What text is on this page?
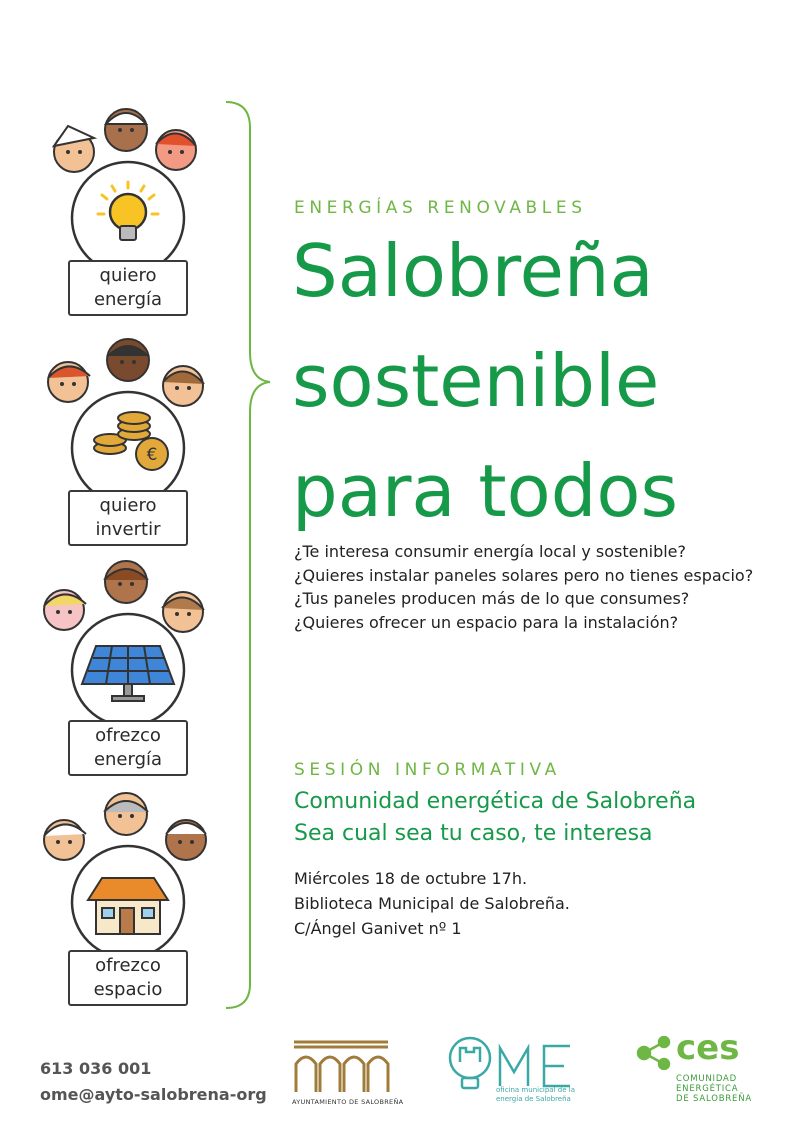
quiero
energía
€
quiero
invertir
ofrezco
energía
ofrezco
espacio
ENERGÍAS RENOVABLES
Salobreña
sostenible
para todos
¿Te interesa consumir energía local y sostenible?
¿Quieres instalar paneles solares pero no tienes espacio?
¿Tus paneles producen más de lo que consumes?
¿Quieres ofrecer un espacio para la instalación?
SESIÓN INFORMATIVA
Comunidad energética de Salobreña
Sea cual sea tu caso, te interesa
Miércoles 18 de octubre 17h.
Biblioteca Municipal de Salobreña.
C/Ángel Ganivet nº 1
613 036 001
ome@ayto-salobrena-org	AYUNTAMIENTO DE SALOBREÑA
oficina municipal de la
energía de Salobreña
ces
COMUNIDAD
ENERGÉTICA
DE SALOBREÑA
